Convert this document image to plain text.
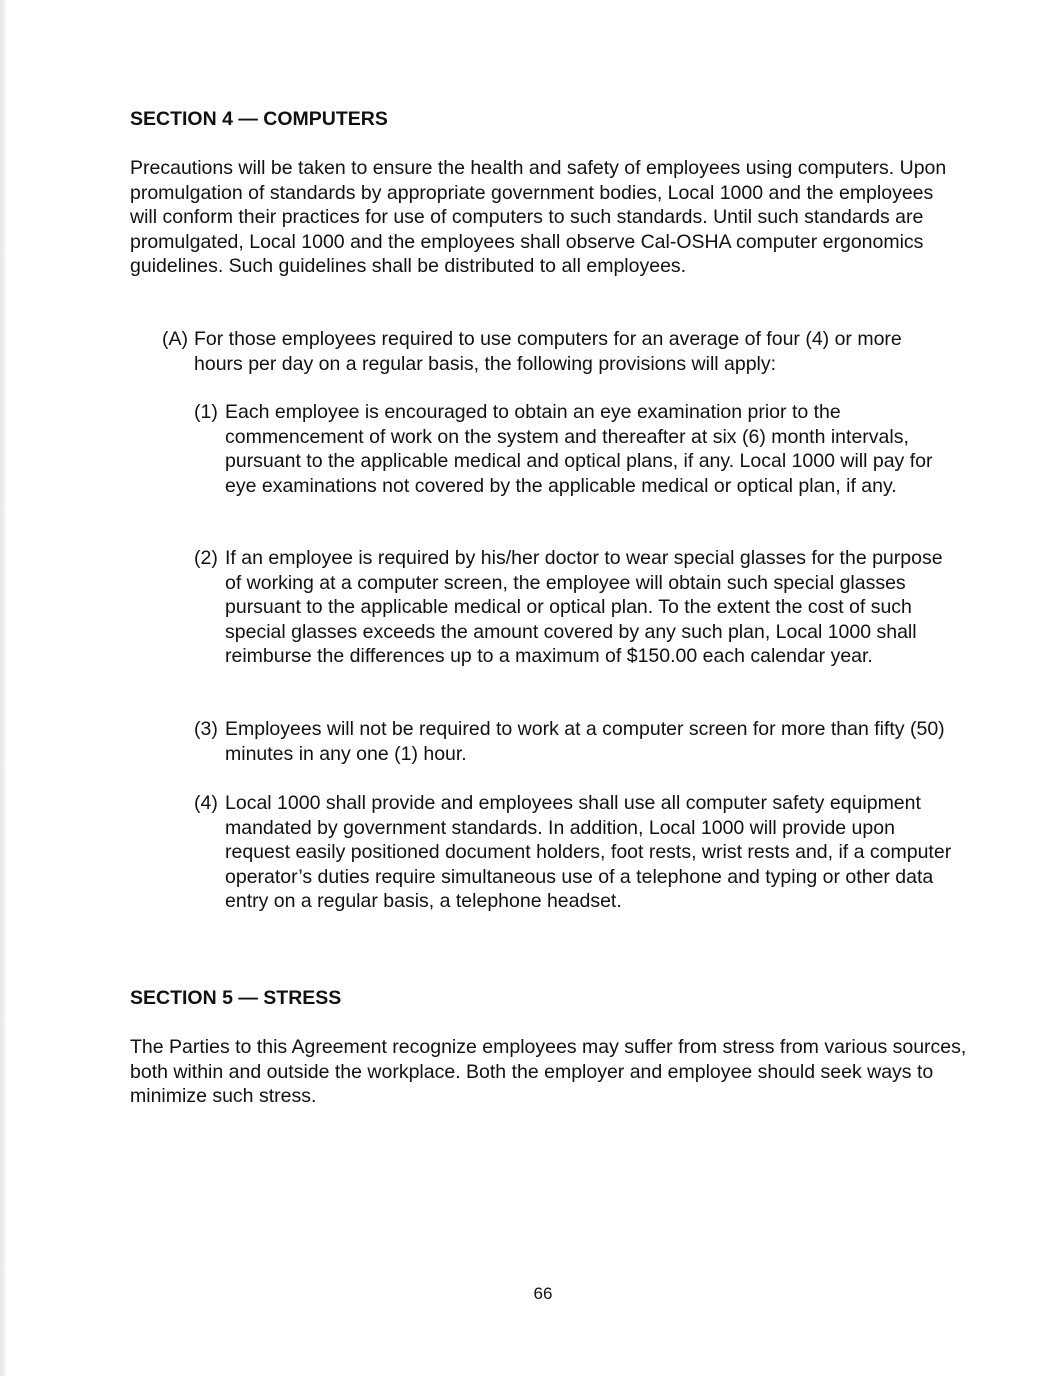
SECTION 4 — COMPUTERS

Precautions will be taken to ensure the health and safety of employees using computers. Upon promulgation of standards by appropriate government bodies, Local 1000 and the employees will conform their practices for use of computers to such standards. Until such standards are promulgated, Local 1000 and the employees shall observe Cal-OSHA computer ergonomics guidelines. Such guidelines shall be distributed to all employees.

(A) For those employees required to use computers for an average of four (4) or more hours per day on a regular basis, the following provisions will apply:
(1) Each employee is encouraged to obtain an eye examination prior to the commencement of work on the system and thereafter at six (6) month intervals, pursuant to the applicable medical and optical plans, if any. Local 1000 will pay for eye examinations not covered by the applicable medical or optical plan, if any.
(2) If an employee is required by his/her doctor to wear special glasses for the purpose of working at a computer screen, the employee will obtain such special glasses pursuant to the applicable medical or optical plan. To the extent the cost of such special glasses exceeds the amount covered by any such plan, Local 1000 shall reimburse the differences up to a maximum of $150.00 each calendar year.
(3) Employees will not be required to work at a computer screen for more than fifty (50) minutes in any one (1) hour.
(4) Local 1000 shall provide and employees shall use all computer safety equipment mandated by government standards. In addition, Local 1000 will provide upon request easily positioned document holders, foot rests, wrist rests and, if a computer operator’s duties require simultaneous use of a telephone and typing or other data entry on a regular basis, a telephone headset.
SECTION 5 — STRESS

The Parties to this Agreement recognize employees may suffer from stress from various sources, both within and outside the workplace. Both the employer and employee should seek ways to minimize such stress.

66
